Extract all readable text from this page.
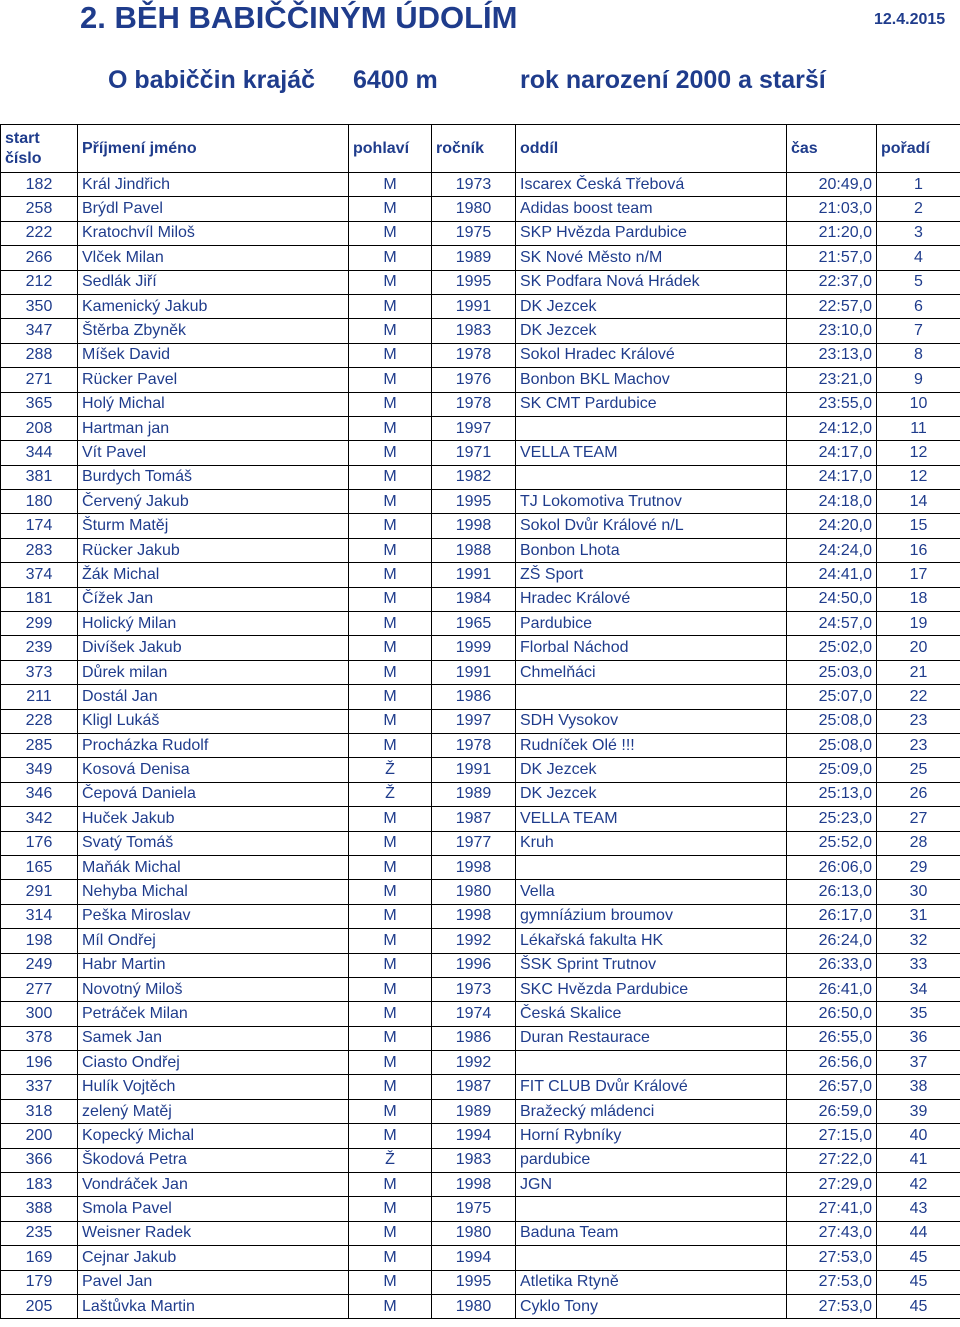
2. BĚH BABIČČINÝM ÚDOLÍM	12.4.2015
O babiččin krajáč 6400 m	rok narození 2000 a starší
start
číslo	Příjmení jméno	pohlaví	ročník	oddíl	čas	pořadí
182	Král Jindřich	M	1973	Iscarex Česká Třebová	20:49,0	1
258	Brýdl Pavel	M	1980	Adidas boost team	21:03,0	2
222	Kratochvíl Miloš	M	1975	SKP Hvězda Pardubice	21:20,0	3
266	Vlček Milan	M	1989	SK Nové Město n/M	21:57,0	4
212	Sedlák Jiří	M	1995	SK Podfara Nová Hrádek	22:37,0	5
350	Kamenický Jakub	M	1991	DK Jezcek	22:57,0	6
347	Štěrba Zbyněk	M	1983	DK Jezcek	23:10,0	7
288	Míšek David	M	1978	Sokol Hradec Králové	23:13,0	8
271	Rücker Pavel	M	1976	Bonbon BKL Machov	23:21,0	9
365	Holý Michal	M	1978	SK CMT Pardubice	23:55,0	10
208	Hartman jan	M	1997		24:12,0	11
344	Vít Pavel	M	1971	VELLA TEAM	24:17,0	12
381	Burdych Tomáš	M	1982		24:17,0	12
180	Červený Jakub	M	1995	TJ Lokomotiva Trutnov	24:18,0	14
174	Šturm Matěj	M	1998	Sokol Dvůr Králové n/L	24:20,0	15
283	Rücker Jakub	M	1988	Bonbon Lhota	24:24,0	16
374	Žák Michal	M	1991	ZŠ Sport	24:41,0	17
181	Čížek Jan	M	1984	Hradec Králové	24:50,0	18
299	Holický Milan	M	1965	Pardubice	24:57,0	19
239	Divíšek Jakub	M	1999	Florbal Náchod	25:02,0	20
373	Důrek milan	M	1991	Chmelňáci	25:03,0	21
211	Dostál Jan	M	1986		25:07,0	22
228	Kligl Lukáš	M	1997	SDH Vysokov	25:08,0	23
285	Procházka Rudolf	M	1978	Rudníček Olé !!!	25:08,0	23
349	Kosová Denisa	Ž	1991	DK Jezcek	25:09,0	25
346	Čepová Daniela	Ž	1989	DK Jezcek	25:13,0	26
342	Huček Jakub	M	1987	VELLA TEAM	25:23,0	27
176	Svatý Tomáš	M	1977	Kruh	25:52,0	28
165	Maňák Michal	M	1998		26:06,0	29
291	Nehyba Michal	M	1980	Vella	26:13,0	30
314	Peška Miroslav	M	1998	gymníázium broumov	26:17,0	31
198	Míl Ondřej	M	1992	Lékařská fakulta HK	26:24,0	32
249	Habr Martin	M	1996	ŠSK Sprint Trutnov	26:33,0	33
277	Novotný Miloš	M	1973	SKC Hvězda Pardubice	26:41,0	34
300	Petráček Milan	M	1974	Česká Skalice	26:50,0	35
378	Samek Jan	M	1986	Duran Restaurace	26:55,0	36
196	Ciasto Ondřej	M	1992		26:56,0	37
337	Hulík Vojtěch	M	1987	FIT CLUB Dvůr Králové	26:57,0	38
318	zelený Matěj	M	1989	Bražecký mládenci	26:59,0	39
200	Kopecký Michal	M	1994	Horní Rybníky	27:15,0	40
366	Škodová Petra	Ž	1983	pardubice	27:22,0	41
183	Vondráček Jan	M	1998	JGN	27:29,0	42
388	Smola Pavel	M	1975		27:41,0	43
235	Weisner Radek	M	1980	Baduna Team	27:43,0	44
169	Cejnar Jakub	M	1994		27:53,0	45
179	Pavel Jan	M	1995	Atletika Rtyně	27:53,0	45
205	Laštůvka Martin	M	1980	Cyklo Tony	27:53,0	45
